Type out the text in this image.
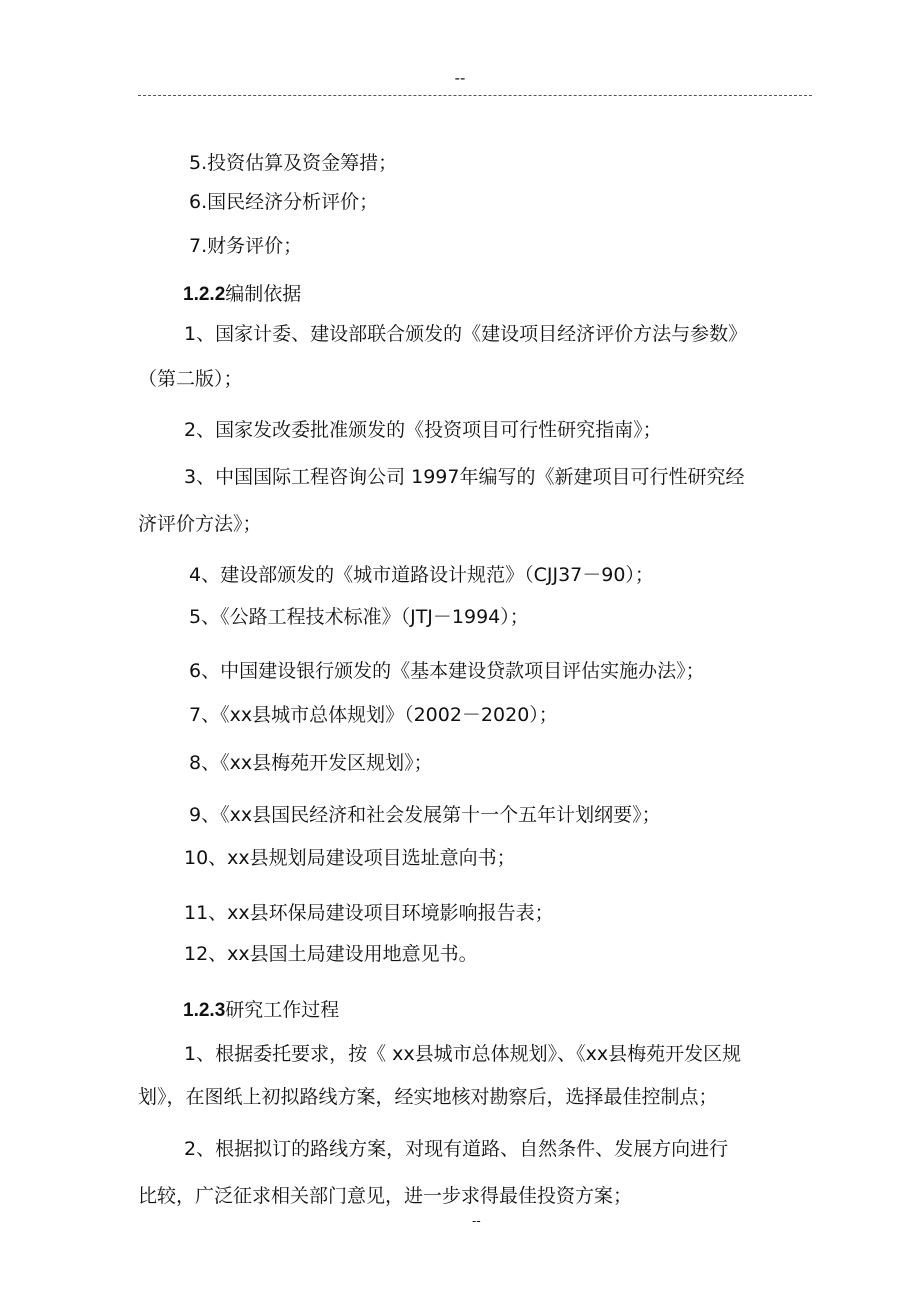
--
5.投资估算及资金筹措；
6.国民经济分析评价；
7.财务评价；
1.2.2编制依据
1、国家计委、建设部联合颁发的《建设项目经济评价方法与参数》
（第二版）；
2、国家发改委批准颁发的《投资项目可行性研究指南》；
3、中国国际工程咨询公司 1997年编写的《新建项目可行性研究经
济评价方法》；
4、建设部颁发的《城市道路设计规范》（CJJ37－90）；
5、《公路工程技术标准》（JTJ－1994）；
6、中国建设银行颁发的《基本建设贷款项目评估实施办法》；
7、《xx县城市总体规划》（2002－2020）；
8、《xx县梅苑开发区规划》；
9、《xx县国民经济和社会发展第十一个五年计划纲要》；
10、xx县规划局建设项目选址意向书；
11、xx县环保局建设项目环境影响报告表；
12、xx县国土局建设用地意见书。
1.2.3研究工作过程
1、根据委托要求，按《 xx县城市总体规划》、《xx县梅苑开发区规
划》，在图纸上初拟路线方案，经实地核对勘察后，选择最佳控制点；
2、根据拟订的路线方案，对现有道路、自然条件、发展方向进行
比较，广泛征求相关部门意见，进一步求得最佳投资方案；
--
